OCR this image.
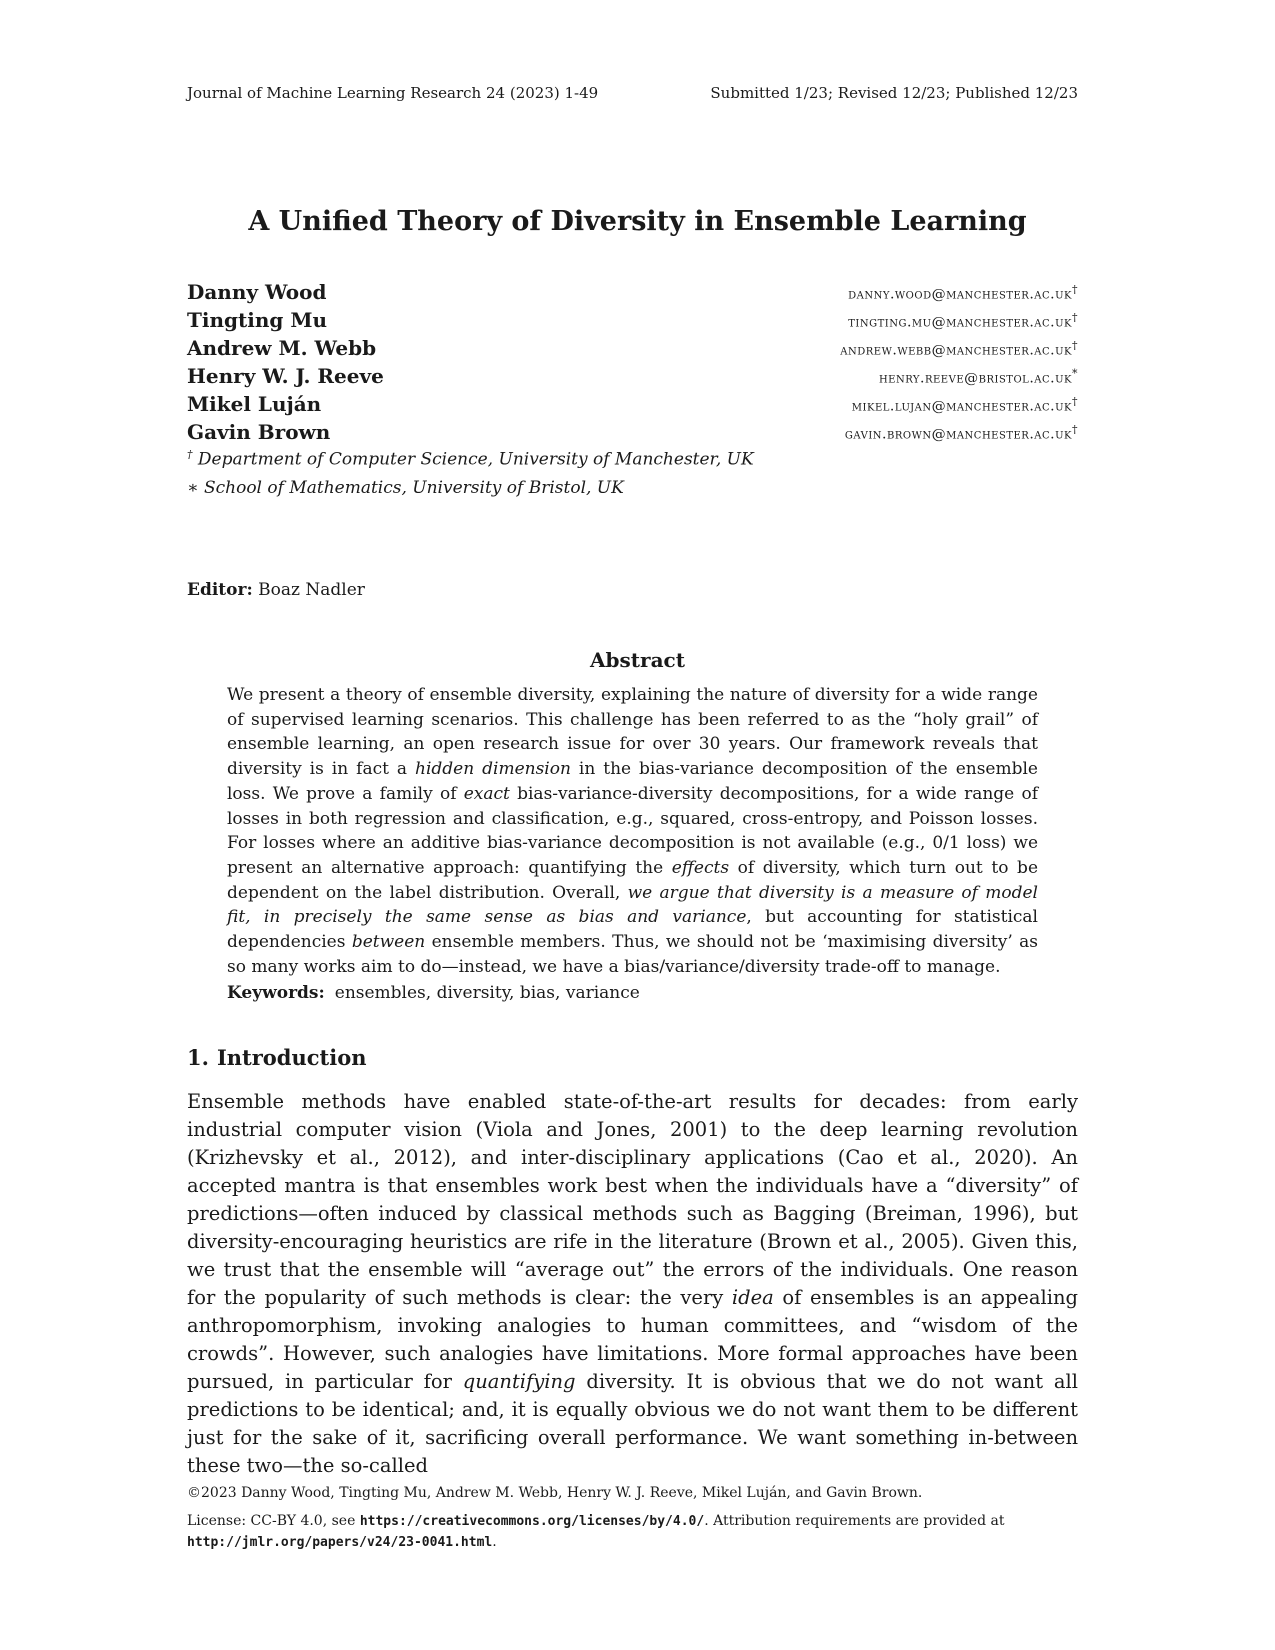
Journal of Machine Learning Research 24 (2023) 1-49	Submitted 1/23; Revised 12/23; Published 12/23
A Unified Theory of Diversity in Ensemble Learning
Danny Wood	danny.wood@manchester.ac.uk†
Tingting Mu	tingting.mu@manchester.ac.uk†
Andrew M. Webb	andrew.webb@manchester.ac.uk†
Henry W. J. Reeve	henry.reeve@bristol.ac.uk*
Mikel Luján	mikel.lujan@manchester.ac.uk†
Gavin Brown	gavin.brown@manchester.ac.uk†
† Department of Computer Science, University of Manchester, UK
∗ School of Mathematics, University of Bristol, UK
Editor: Boaz Nadler
Abstract
We present a theory of ensemble diversity, explaining the nature of diversity for a wide range of supervised learning scenarios. This challenge has been referred to as the “holy grail” of ensemble learning, an open research issue for over 30 years. Our framework reveals that diversity is in fact a hidden dimension in the bias-variance decomposition of the ensemble loss. We prove a family of exact bias-variance-diversity decompositions, for a wide range of losses in both regression and classification, e.g., squared, cross-entropy, and Poisson losses. For losses where an additive bias-variance decomposition is not available (e.g., 0/1 loss) we present an alternative approach: quantifying the effects of diversity, which turn out to be dependent on the label distribution. Overall, we argue that diversity is a measure of model fit, in precisely the same sense as bias and variance, but accounting for statistical dependencies between ensemble members. Thus, we should not be ‘maximising diversity’ as so many works aim to do—instead, we have a bias/variance/diversity trade-off to manage.
Keywords: ensembles, diversity, bias, variance
1. Introduction
Ensemble methods have enabled state-of-the-art results for decades: from early industrial computer vision (Viola and Jones, 2001) to the deep learning revolution (Krizhevsky et al., 2012), and inter-disciplinary applications (Cao et al., 2020). An accepted mantra is that ensembles work best when the individuals have a “diversity” of predictions—often induced by classical methods such as Bagging (Breiman, 1996), but diversity-encouraging heuristics are rife in the literature (Brown et al., 2005). Given this, we trust that the ensemble will “average out” the errors of the individuals. One reason for the popularity of such methods is clear: the very idea of ensembles is an appealing anthropomorphism, invoking analogies to human committees, and “wisdom of the crowds”. However, such analogies have limitations. More formal approaches have been pursued, in particular for quantifying diversity. It is obvious that we do not want all predictions to be identical; and, it is equally obvious we do not want them to be different just for the sake of it, sacrificing overall performance. We want something in-between these two—the so-called
©2023 Danny Wood, Tingting Mu, Andrew M. Webb, Henry W. J. Reeve, Mikel Luján, and Gavin Brown.
License: CC-BY 4.0, see https://creativecommons.org/licenses/by/4.0/. Attribution requirements are provided at http://jmlr.org/papers/v24/23-0041.html.
